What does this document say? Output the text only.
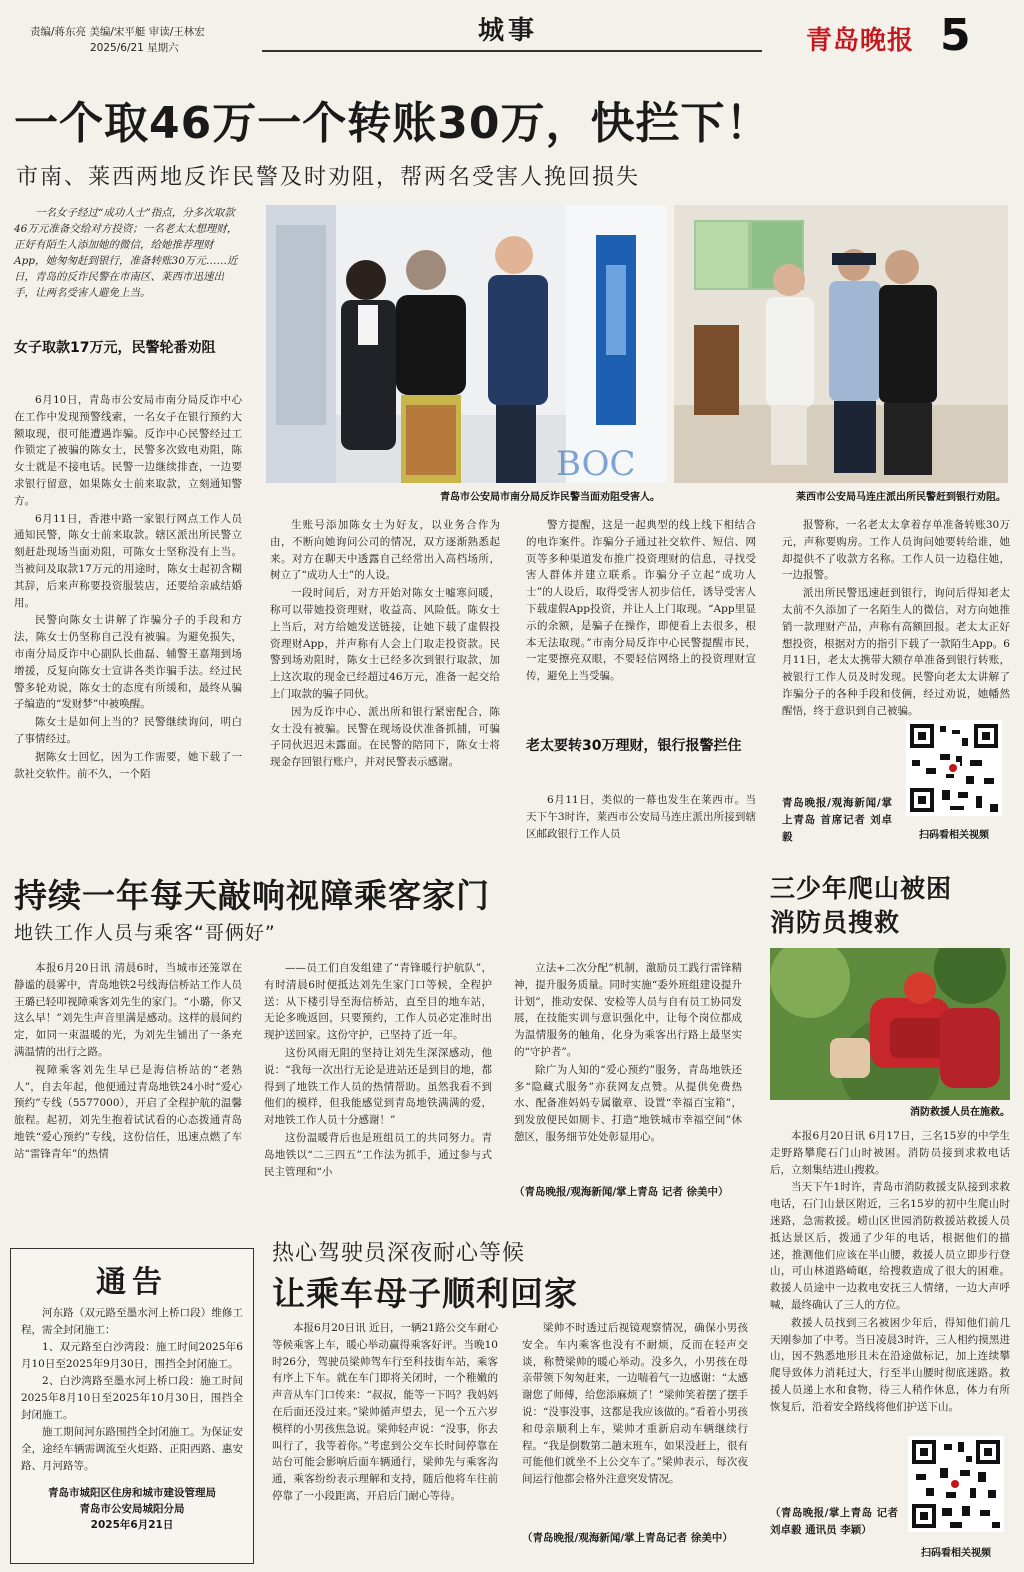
责编/蒋东亮 美编/宋平艇 审读/王林宏
2025/6/21 星期六
城事	青岛晚报 5
一个取46万一个转账30万，快拦下！
市南、莱西两地反诈民警及时劝阻，帮两名受害人挽回损失
一名女子经过“成功人士”指点，分多次取款46万元准备交给对方投资；一名老太太想理财，正好有陌生人添加她的微信，给她推荐理财App，她匆匆赶到银行，准备转账30万元……近日，青岛的反诈民警在市南区、莱西市迅速出手，让两名受害人避免上当。
女子取款17万元，民警轮番劝阻

6月10日，青岛市公安局市南分局反诈中心在工作中发现预警线索，一名女子在银行预约大额取现，很可能遭遇诈骗。反诈中心民警经过工作锁定了被骗的陈女士，民警多次致电劝阻，陈女士就是不接电话。民警一边继续排查，一边要求银行留意，如果陈女士前来取款，立刻通知警方。

6月11日，香港中路一家银行网点工作人员通知民警，陈女士前来取款。辖区派出所民警立刻赶赴现场当面劝阻，可陈女士坚称没有上当。当被问及取款17万元的用途时，陈女士起初含糊其辞，后来声称要投资服装店，还要给亲戚结婚用。

民警向陈女士讲解了诈骗分子的手段和方法，陈女士仍坚称自己没有被骗。为避免损失，市南分局反诈中心副队长曲磊、辅警王嘉翔到场增援，反复向陈女士宣讲各类诈骗手法。经过民警多轮劝说，陈女士的态度有所缓和，最终从骗子编造的“发财梦”中被唤醒。

陈女士是如何上当的？民警继续询问，明白了事情经过。

据陈女士回忆，因为工作需要，她下载了一款社交软件。前不久，一个陌

BOC
青岛市公安局市南分局反诈民警当面劝阻受害人。	莱西市公安局马连庄派出所民警赶到银行劝阻。

生账号添加陈女士为好友，以业务合作为由，不断向她询问公司的情况，双方逐渐熟悉起来。对方在聊天中透露自己经常出入高档场所，树立了“成功人士”的人设。

一段时间后，对方开始对陈女士嘘寒问暖，称可以带她投资理财，收益高、风险低。陈女士上当后，对方给她发送链接，让她下载了虚假投资理财App，并声称有人会上门取走投资款。民警到场劝阻时，陈女士已经多次到银行取款，加上这次取的现金已经超过46万元，准备一起交给上门取款的骗子同伙。

因为反诈中心、派出所和银行紧密配合，陈女士没有被骗。民警在现场设伏准备抓捕，可骗子同伙迟迟未露面。在民警的陪同下，陈女士将现金存回银行账户，并对民警表示感谢。

警方提醒，这是一起典型的线上线下相结合的电诈案件。诈骗分子通过社交软件、短信、网页等多种渠道发布推广投资理财的信息，寻找受害人群体并建立联系。诈骗分子立起“成功人士”的人设后，取得受害人初步信任，诱导受害人下载虚假App投资，并让人上门取现。“App里显示的余额，是骗子在操作，即便看上去很多，根本无法取现。”市南分局反诈中心民警提醒市民，一定要擦亮双眼，不要轻信网络上的投资理财宣传，避免上当受骗。

老太要转30万理财，银行报警拦住

6月11日，类似的一幕也发生在莱西市。当天下午3时许，莱西市公安局马连庄派出所接到辖区邮政银行工作人员

报警称，一名老太太拿着存单准备转账30万元，声称要购房。工作人员询问她要转给谁，她却提供不了收款方名称。工作人员一边稳住她，一边报警。

派出所民警迅速赶到银行，询问后得知老太太前不久添加了一名陌生人的微信，对方向她推销一款理财产品，声称有高额回报。老太太正好想投资，根据对方的指引下载了一款陌生App。6月11日，老太太携带大额存单准备到银行转账，被银行工作人员及时发现。民警向老太太讲解了诈骗分子的各种手段和伎俩，经过劝说，她幡然醒悟，终于意识到自己被骗。

青岛晚报/观海新闻/掌上青岛 首席记者 刘卓毅	扫码看相关视频
持续一年每天敲响视障乘客家门
地铁工作人员与乘客“哥俩好”

本报6月20日讯 清晨6时，当城市还笼罩在静谧的晨雾中，青岛地铁2号线海信桥站工作人员王璐已轻叩视障乘客刘先生的家门。“小璐，你又这么早！”刘先生声音里满是感动。这样的晨间约定，如同一束温暖的光，为刘先生铺出了一条充满温情的出行之路。

视障乘客刘先生早已是海信桥站的“老熟人”，自去年起，他便通过青岛地铁24小时“爱心预约”专线（5577000），开启了全程护航的温馨旅程。起初，刘先生抱着试试看的心态拨通青岛地铁“爱心预约”专线，这份信任，迅速点燃了车站“雷锋青年”的热情

——员工们自发组建了“青锋暖行护航队”，有时清晨6时便抵达刘先生家门口等候，全程护送：从下楼引导至海信桥站，直至目的地车站，无论多晚返回，只要预约，工作人员必定准时出现护送回家。这份守护，已坚持了近一年。

这份风雨无阻的坚持让刘先生深深感动，他说：“我每一次出行无论是进站还是到目的地，都得到了地铁工作人员的热情帮助。虽然我看不到他们的模样，但我能感觉到青岛地铁满满的爱，对地铁工作人员十分感谢！”

这份温暖背后也是班组员工的共同努力。青岛地铁以“二三四五”工作法为抓手，通过参与式民主管理和“小

立法+二次分配”机制，激励员工践行雷锋精神，提升服务质量。同时实施“委外班组建设提升计划”，推动安保、安检等人员与自有员工协同发展，在技能实训与意识强化中，让每个岗位都成为温情服务的触角，化身为乘客出行路上最坚实的“守护者”。

除广为人知的“爱心预约”服务，青岛地铁还多“隐藏式服务”亦获网友点赞。从提供免费热水、配备准妈妈专属徽章、设置“幸福百宝箱”，到发放便民如厕卡、打造“地铁城市幸福空间”休憩区，服务细节处处彰显用心。

（青岛晚报/观海新闻/掌上青岛 记者 徐美中）
三少年爬山被困
消防员搜救
消防救援人员在施救。

本报6月20日讯 6月17日，三名15岁的中学生走野路攀爬石门山时被困。消防员接到求救电话后，立刻集结进山搜救。

当天下午1时许，青岛市消防救援支队接到求救电话，石门山景区附近，三名15岁的初中生爬山时迷路，急需救援。崂山区世园消防救援站救援人员抵达景区后，拨通了少年的电话，根据他们的描述，推测他们应该在半山腰，救援人员立即步行登山，可山林道路崎岖，给搜救造成了很大的困难。救援人员途中一边救电安抚三人情绪，一边大声呼喊，最终确认了三人的方位。

救援人员找到三名被困少年后，得知他们前几天刚参加了中考。当日凌晨3时许，三人相约摸黑进山，因不熟悉地形且未在沿途做标记，加上连续攀爬导致体力消耗过大，行至半山腰时彻底迷路。救援人员递上水和食物，待三人稍作休息，体力有所恢复后，沿着安全路线将他们护送下山。

（青岛晚报/掌上青岛 记者 刘卓毅 通讯员 李颖）
扫码看相关视频
通告

河东路（双元路至墨水河上桥口段）维修工程，需全封闭施工：

1、双元路至白沙湾段：施工时间2025年6月10日至2025年9月30日，围挡全封闭施工。

2、白沙湾路至墨水河上桥口段：施工时间2025年8月10日至2025年10月30日，围挡全封闭施工。

施工期间河东路围挡全封闭施工。为保证安全，途经车辆需调流至火炬路、正阳西路、惠安路、月河路等。

青岛市城阳区住房和城市建设管理局
青岛市公安局城阳分局
2025年6月21日
热心驾驶员深夜耐心等候
让乘车母子顺利回家

本报6月20日讯 近日，一辆21路公交车耐心等候乘客上车，暖心举动赢得乘客好评。当晚10时26分，驾驶员梁帅驾车行至科技街车站，乘客有序上下车。就在车门即将关闭时，一个稚嫩的声音从车门口传来：“叔叔，能等一下吗？我妈妈在后面还没过来。”梁帅循声望去，见一个五六岁模样的小男孩焦急说。梁帅轻声说：“没事，你去叫行了，我等着你。”考虑到公交车长时间停靠在站台可能会影响后面车辆通行，梁帅先与乘客沟通，乘客纷纷表示理解和支持，随后他将车往前停靠了一小段距离，开启后门耐心等待。

梁帅不时透过后视镜观察情况，确保小男孩安全。车内乘客也没有不耐烦，反而在轻声交谈，称赞梁帅的暖心举动。没多久，小男孩在母亲带领下匆匆赶来，一边喘着气一边感谢：“太感谢您了师傅，给您添麻烦了！”梁帅笑着摆了摆手说：“没事没事，这都是我应该做的。”看着小男孩和母亲顺利上车，梁帅才重新启动车辆继续行程。“我是倒数第二趟末班车，如果没赶上，很有可能他们就坐不上公交车了。”梁帅表示，每次夜间运行他都会格外注意突发情况。

（青岛晚报/观海新闻/掌上青岛记者 徐美中）
